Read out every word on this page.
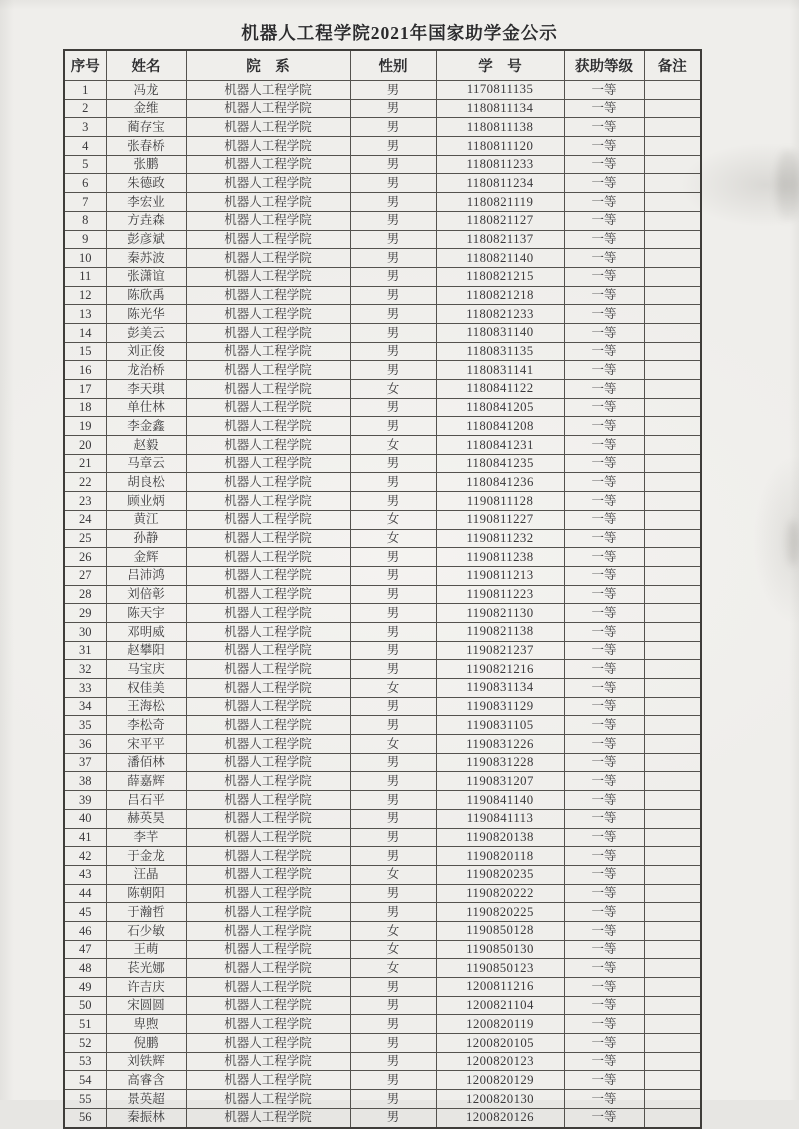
机器人工程学院2021年国家助学金公示
序号	姓名	院　系	性别	学　号	获助等级	备注
1	冯龙	机器人工程学院	男	1170811135	一等	
2	金维	机器人工程学院	男	1180811134	一等	
3	蔺存宝	机器人工程学院	男	1180811138	一等	
4	张春桥	机器人工程学院	男	1180811120	一等	
5	张鹏	机器人工程学院	男	1180811233	一等	
6	朱德政	机器人工程学院	男	1180811234	一等	
7	李宏业	机器人工程学院	男	1180821119	一等	
8	方垚森	机器人工程学院	男	1180821127	一等	
9	彭彦斌	机器人工程学院	男	1180821137	一等	
10	秦苏波	机器人工程学院	男	1180821140	一等	
11	张潇谊	机器人工程学院	男	1180821215	一等	
12	陈欣禹	机器人工程学院	男	1180821218	一等	
13	陈光华	机器人工程学院	男	1180821233	一等	
14	彭美云	机器人工程学院	男	1180831140	一等	
15	刘正俊	机器人工程学院	男	1180831135	一等	
16	龙治桥	机器人工程学院	男	1180831141	一等	
17	李天琪	机器人工程学院	女	1180841122	一等	
18	单仕林	机器人工程学院	男	1180841205	一等	
19	李金鑫	机器人工程学院	男	1180841208	一等	
20	赵毅	机器人工程学院	女	1180841231	一等	
21	马章云	机器人工程学院	男	1180841235	一等	
22	胡良松	机器人工程学院	男	1180841236	一等	
23	顾业炳	机器人工程学院	男	1190811128	一等	
24	黄江	机器人工程学院	女	1190811227	一等	
25	孙静	机器人工程学院	女	1190811232	一等	
26	金辉	机器人工程学院	男	1190811238	一等	
27	吕沛鸿	机器人工程学院	男	1190811213	一等	
28	刘倍彰	机器人工程学院	男	1190811223	一等	
29	陈天宇	机器人工程学院	男	1190821130	一等	
30	邓明威	机器人工程学院	男	1190821138	一等	
31	赵攀阳	机器人工程学院	男	1190821237	一等	
32	马宝庆	机器人工程学院	男	1190821216	一等	
33	权佳美	机器人工程学院	女	1190831134	一等	
34	王海松	机器人工程学院	男	1190831129	一等	
35	李松奇	机器人工程学院	男	1190831105	一等	
36	宋平平	机器人工程学院	女	1190831226	一等	
37	潘佰林	机器人工程学院	男	1190831228	一等	
38	薛嘉辉	机器人工程学院	男	1190831207	一等	
39	吕石平	机器人工程学院	男	1190841140	一等	
40	赫英昊	机器人工程学院	男	1190841113	一等	
41	李芊	机器人工程学院	男	1190820138	一等	
42	于金龙	机器人工程学院	男	1190820118	一等	
43	汪晶	机器人工程学院	女	1190820235	一等	
44	陈朝阳	机器人工程学院	男	1190820222	一等	
45	于瀚哲	机器人工程学院	男	1190820225	一等	
46	石少敏	机器人工程学院	女	1190850128	一等	
47	王萌	机器人工程学院	女	1190850130	一等	
48	苌光娜	机器人工程学院	女	1190850123	一等	
49	许吉庆	机器人工程学院	男	1200811216	一等	
50	宋圆圆	机器人工程学院	男	1200821104	一等	
51	卑煦	机器人工程学院	男	1200820119	一等	
52	倪鹏	机器人工程学院	男	1200820105	一等	
53	刘铁辉	机器人工程学院	男	1200820123	一等	
54	高睿含	机器人工程学院	男	1200820129	一等	
55	景英超	机器人工程学院	男	1200820130	一等	
56	秦振林	机器人工程学院	男	1200820126	一等	
